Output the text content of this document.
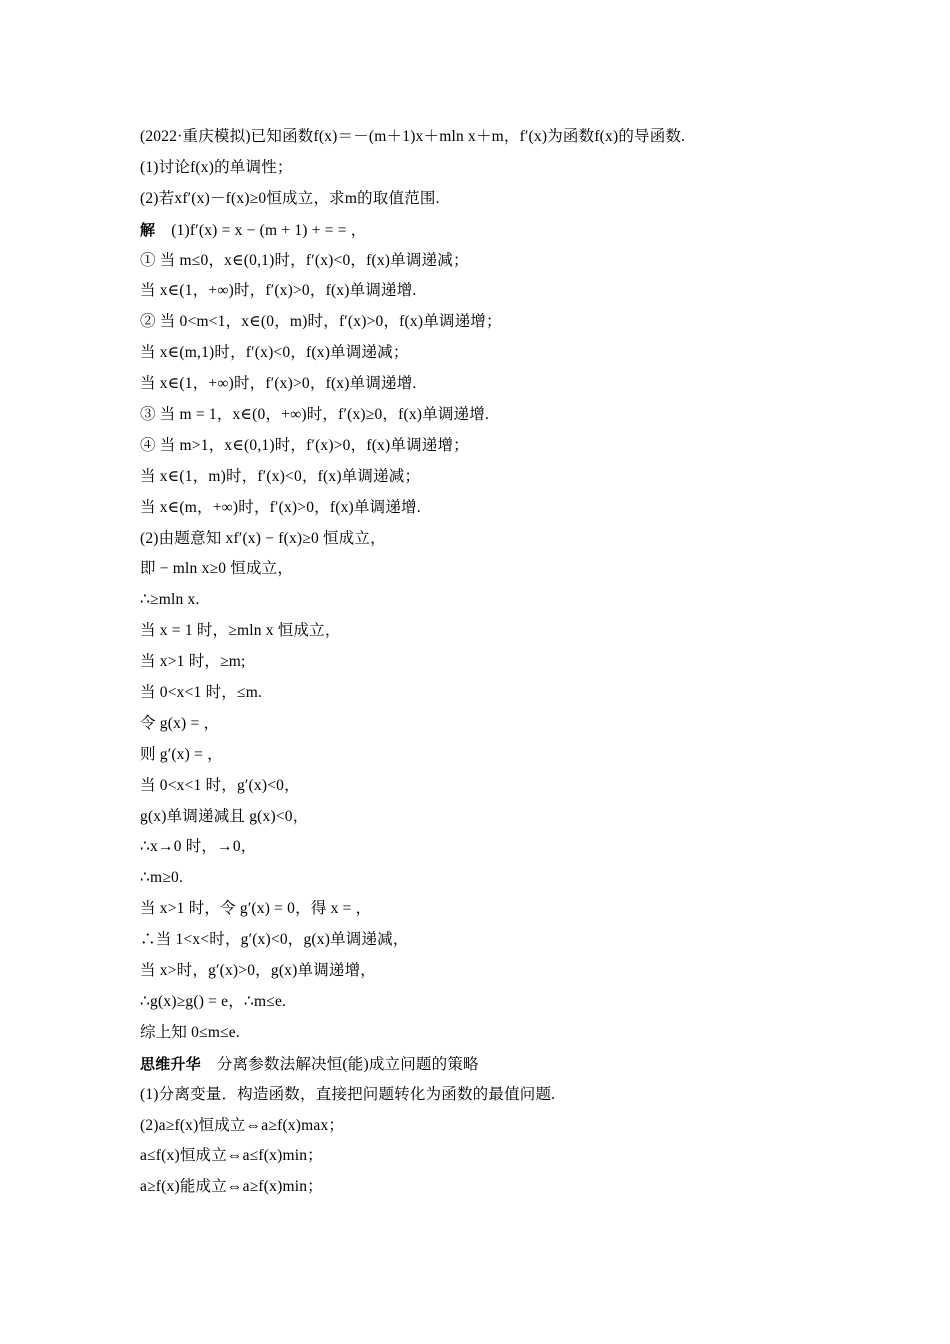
(2022·重庆模拟)已知函数f(x)＝－(m＋1)x＋mln x＋m，f′(x)为函数f(x)的导函数.
(1)讨论f(x)的单调性；
(2)若xf′(x)－f(x)≥0恒成立，求m的取值范围.
解 (1)f′(x) = x − (m + 1) + = = ，
① 当 m≤0，x∈(0,1)时，f′(x)<0，f(x)单调递减；
当 x∈(1，+∞)时，f′(x)>0，f(x)单调递增.
② 当 0<m<1，x∈(0，m)时，f′(x)>0，f(x)单调递增；
当 x∈(m,1)时，f′(x)<0，f(x)单调递减；
当 x∈(1，+∞)时，f′(x)>0，f(x)单调递增.
③ 当 m = 1，x∈(0，+∞)时，f′(x)≥0，f(x)单调递增.
④ 当 m>1，x∈(0,1)时，f′(x)>0，f(x)单调递增；
当 x∈(1，m)时，f′(x)<0，f(x)单调递减；
当 x∈(m，+∞)时，f′(x)>0，f(x)单调递增.
(2)由题意知 xf′(x) − f(x)≥0 恒成立，
即 − mln x≥0 恒成立，
∴≥mln x.
当 x = 1 时，≥mln x 恒成立，
当 x>1 时，≥m;
当 0<x<1 时，≤m.
令 g(x) = ，
则 g′(x) = ，
当 0<x<1 时，g′(x)<0，
g(x)单调递减且 g(x)<0，
∴x→0 时，→0，
∴m≥0.
当 x>1 时，令 g′(x) = 0，得 x = ，
∴当 1<x<时，g′(x)<0，g(x)单调递减，
当 x>时，g′(x)>0，g(x)单调递增，
∴g(x)≥g() = e，∴m≤e.
综上知 0≤m≤e.
思维升华 分离参数法解决恒(能)成立问题的策略
(1)分离变量．构造函数，直接把问题转化为函数的最值问题.
(2)a≥f(x)恒成立⇔a≥f(x)max；
a≤f(x)恒成立⇔a≤f(x)min；
a≥f(x)能成立⇔a≥f(x)min；
